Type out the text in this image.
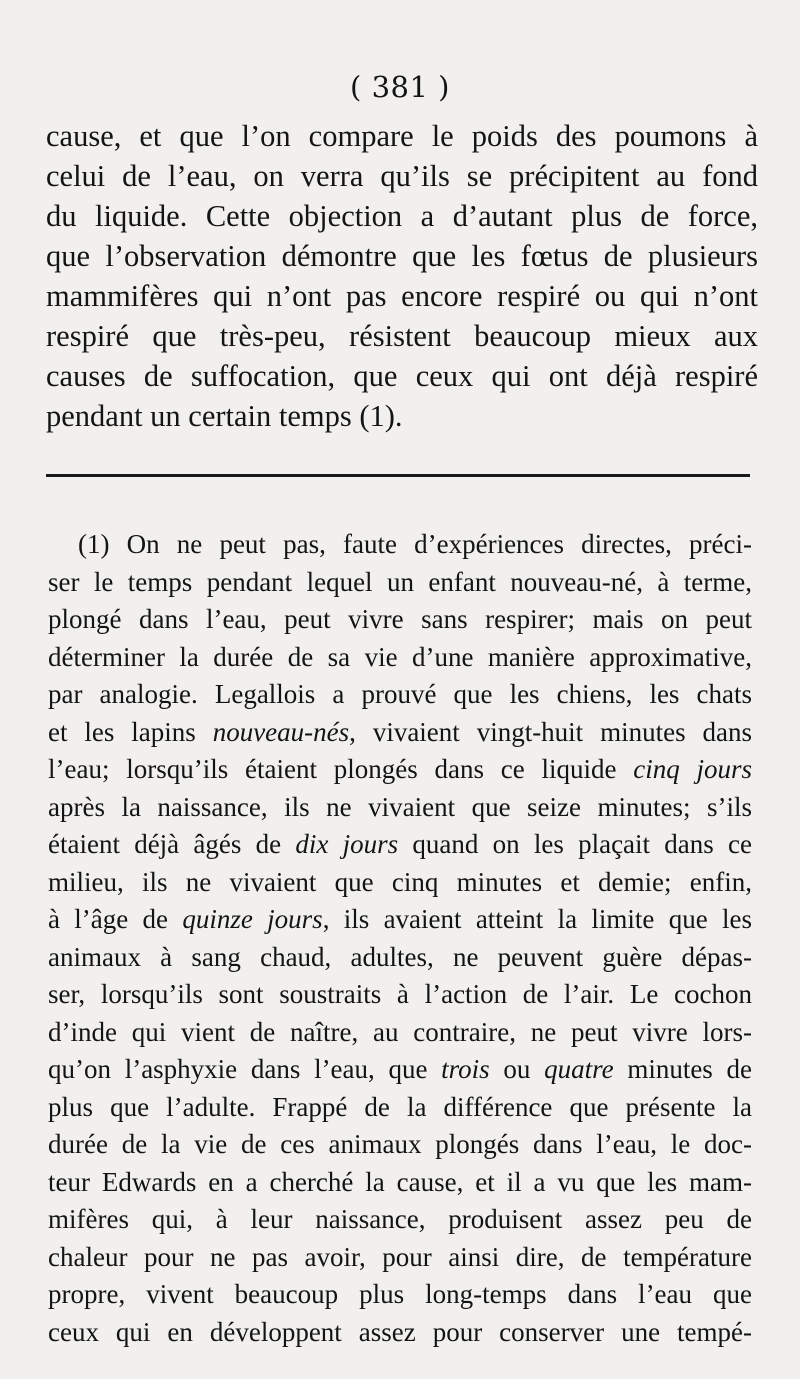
( 381 )
cause, et que l’on compare le poids des poumons à
celui de l’eau, on verra qu’ils se précipitent au fond
du liquide. Cette objection a d’autant plus de force,
que l’observation démontre que les fœtus de plusieurs
mammifères qui n’ont pas encore respiré ou qui n’ont
respiré que très-peu, résistent beaucoup mieux aux
causes de suffocation, que ceux qui ont déjà respiré
pendant un certain temps (1).
(1) On ne peut pas, faute d’expériences directes, préci-
ser le temps pendant lequel un enfant nouveau-né, à terme,
plongé dans l’eau, peut vivre sans respirer; mais on peut
déterminer la durée de sa vie d’une manière approximative,
par analogie. Legallois a prouvé que les chiens, les chats
et les lapins nouveau-nés, vivaient vingt-huit minutes dans
l’eau; lorsqu’ils étaient plongés dans ce liquide cinq jours
après la naissance, ils ne vivaient que seize minutes; s’ils
étaient déjà âgés de dix jours quand on les plaçait dans ce
milieu, ils ne vivaient que cinq minutes et demie; enfin,
à l’âge de quinze jours, ils avaient atteint la limite que les
animaux à sang chaud, adultes, ne peuvent guère dépas-
ser, lorsqu’ils sont soustraits à l’action de l’air. Le cochon
d’inde qui vient de naître, au contraire, ne peut vivre lors-
qu’on l’asphyxie dans l’eau, que trois ou quatre minutes de
plus que l’adulte. Frappé de la différence que présente la
durée de la vie de ces animaux plongés dans l’eau, le doc-
teur Edwards en a cherché la cause, et il a vu que les mam-
mifères qui, à leur naissance, produisent assez peu de
chaleur pour ne pas avoir, pour ainsi dire, de température
propre, vivent beaucoup plus long-temps dans l’eau que
ceux qui en développent assez pour conserver une tempé-
